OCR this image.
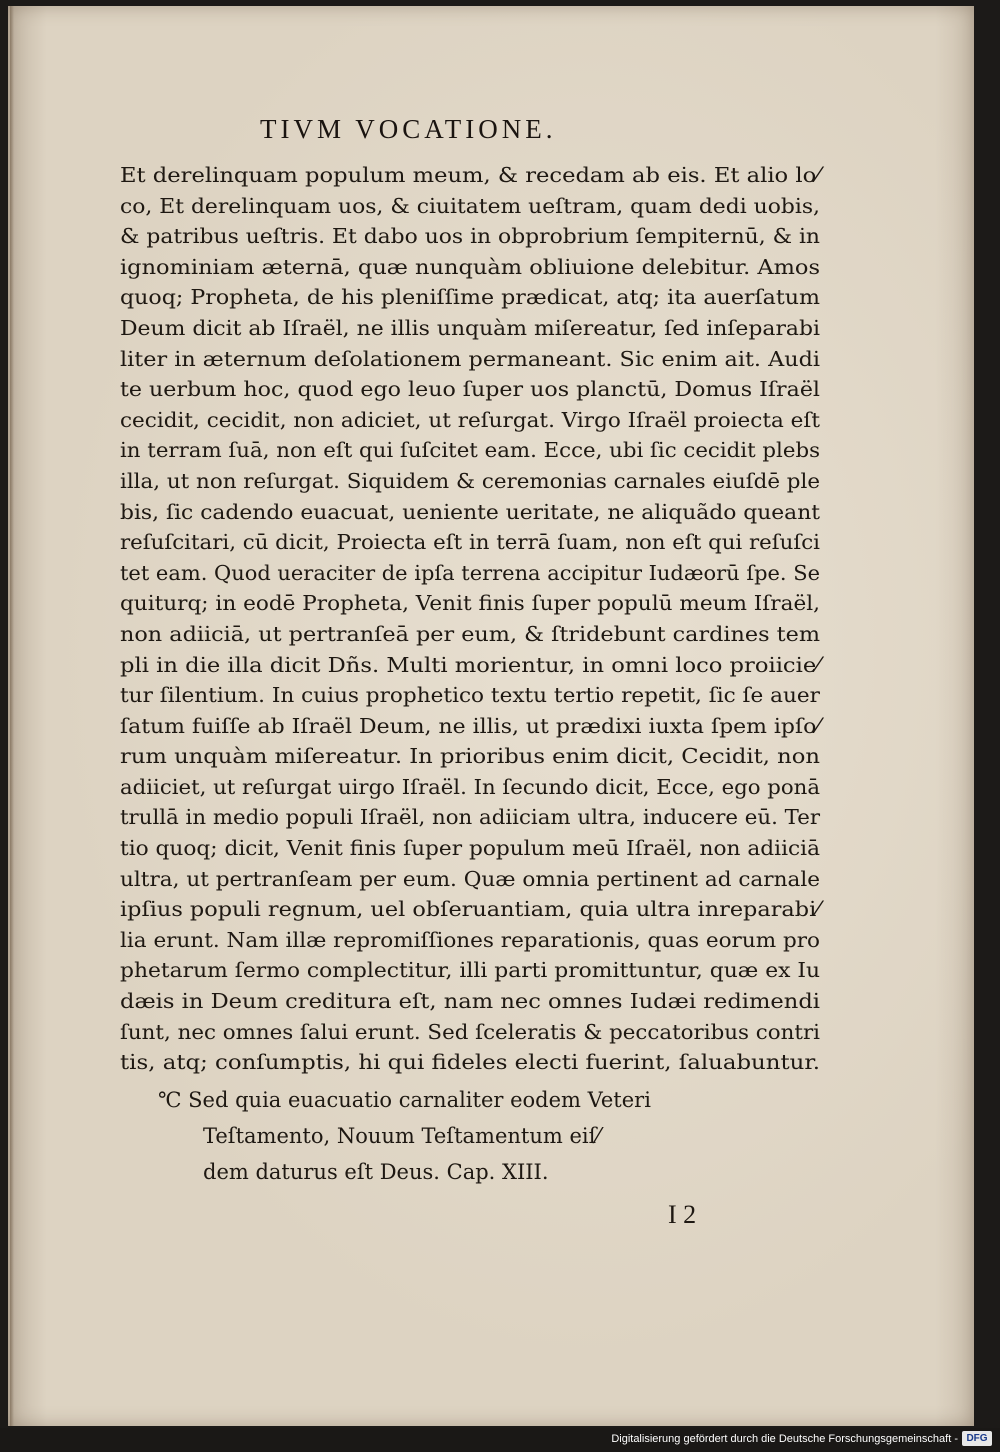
TIVM VOCATIONE.
Et derelinquam populum meum, & recedam ab eis. Et alio lo⁄
co, Et derelinquam uos, & ciuitatem ueſtram, quam dedi uobis,
& patribus ueſtris. Et dabo uos in obprobrium ſempiternū, & in
ignominiam æternā, quæ nunquàm obliuione delebitur. Amos
quoq; Propheta, de his pleniſſime prædicat, atq; ita auerſatum
Deum dicit ab Iſraël, ne illis unquàm miſereatur, ſed inſeparabi
liter in æternum deſolationem permaneant. Sic enim ait. Audi
te uerbum hoc, quod ego leuo ſuper uos planctū, Domus Iſraël
cecidit, cecidit, non adiciet, ut reſurgat. Virgo Iſraël proiecta eſt
in terram ſuā, non eſt qui ſuſcitet eam. Ecce, ubi ſic cecidit plebs
illa, ut non reſurgat. Siquidem & ceremonias carnales eiuſdē ple
bis, ſic cadendo euacuat, ueniente ueritate, ne aliquãdo queant
reſuſcitari, cū dicit, Proiecta eſt in terrā ſuam, non eſt qui reſuſci
tet eam. Quod ueraciter de ipſa terrena accipitur Iudæorū ſpe. Se
quiturq; in eodē Propheta, Venit finis ſuper populū meum Iſraël,
non adiiciā, ut pertranſeā per eum, & ſtridebunt cardines tem
pli in die illa dicit Dñs. Multi morientur, in omni loco proiicie⁄
tur ſilentium. In cuius prophetico textu tertio repetit, ſic ſe auer
ſatum fuiſſe ab Iſraël Deum, ne illis, ut prædixi iuxta ſpem ipſo⁄
rum unquàm miſereatur. In prioribus enim dicit, Cecidit, non
adiiciet, ut reſurgat uirgo Iſraël. In ſecundo dicit, Ecce, ego ponā
trullā in medio populi Iſraël, non adiiciam ultra, inducere eū. Ter
tio quoq; dicit, Venit finis ſuper populum meū Iſraël, non adiiciā
ultra, ut pertranſeam per eum. Quæ omnia pertinent ad carnale
ipſius populi regnum, uel obſeruantiam, quia ultra inreparabi⁄
lia erunt. Nam illæ repromiſſiones reparationis, quas eorum pro
phetarum ſermo complectitur, illi parti promittuntur, quæ ex Iu
dæis in Deum creditura eſt, nam nec omnes Iudæi redimendi
ſunt, nec omnes ſalui erunt. Sed ſceleratis & peccatoribus contri
tis, atq; conſumptis, hi qui fideles electi fuerint, ſaluabuntur.
℃ Sed quia euacuatio carnaliter eodem Veteri
Teſtamento, Nouum Teſtamentum eiſ⁄
dem daturus eſt Deus. Cap. XIII.
I 2
Digitalisierung gefördert durch die Deutsche Forschungsgemeinschaft - DFG
